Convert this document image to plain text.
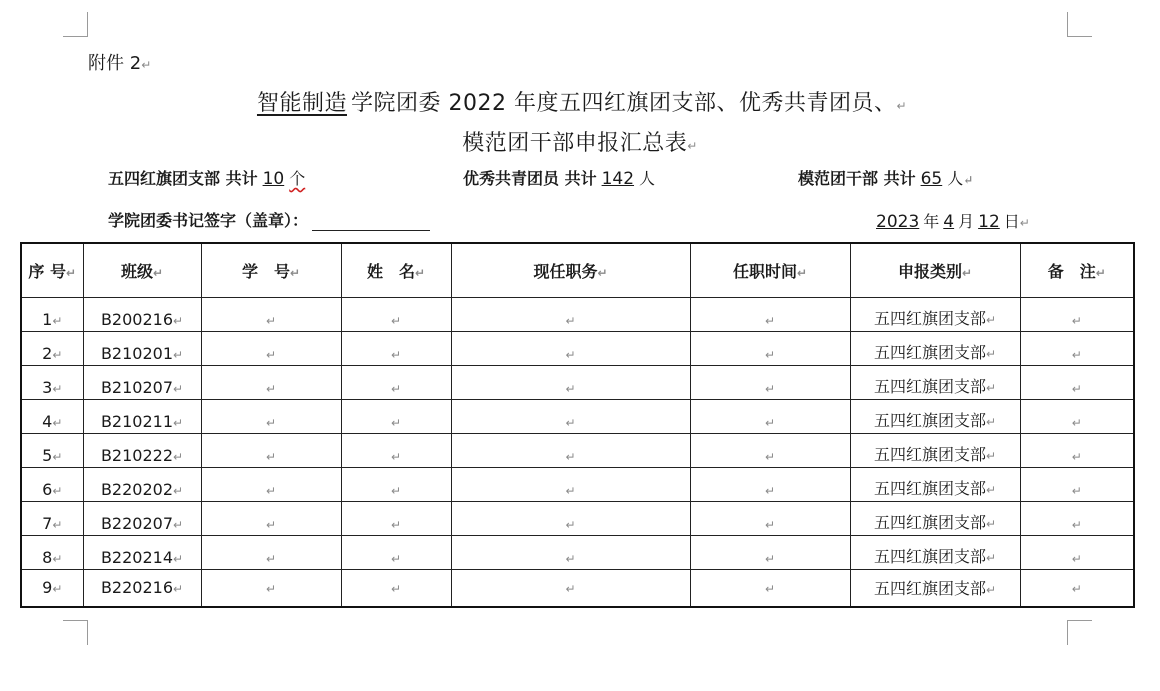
附件 2↵
智能制造 学院团委 2022 年度五四红旗团支部、优秀共青团员、↵
模范团干部申报汇总表↵
五四红旗团支部 共计 10 个	优秀共青团员 共计 142 人	模范团干部 共计 65 人↵
学院团委书记签字（盖章）：	2023 年 4 月 12 日↵
序 号↵	班级↵	学　号↵	姓　名↵	现任职务↵	任职时间↵	申报类别↵	备　注↵
1↵	B200216↵	↵	↵	↵	↵	五四红旗团支部↵	↵
2↵	B210201↵	↵	↵	↵	↵	五四红旗团支部↵	↵
3↵	B210207↵	↵	↵	↵	↵	五四红旗团支部↵	↵
4↵	B210211↵	↵	↵	↵	↵	五四红旗团支部↵	↵
5↵	B210222↵	↵	↵	↵	↵	五四红旗团支部↵	↵
6↵	B220202↵	↵	↵	↵	↵	五四红旗团支部↵	↵
7↵	B220207↵	↵	↵	↵	↵	五四红旗团支部↵	↵
8↵	B220214↵	↵	↵	↵	↵	五四红旗团支部↵	↵
9↵	B220216↵	↵	↵	↵	↵	五四红旗团支部↵	↵
